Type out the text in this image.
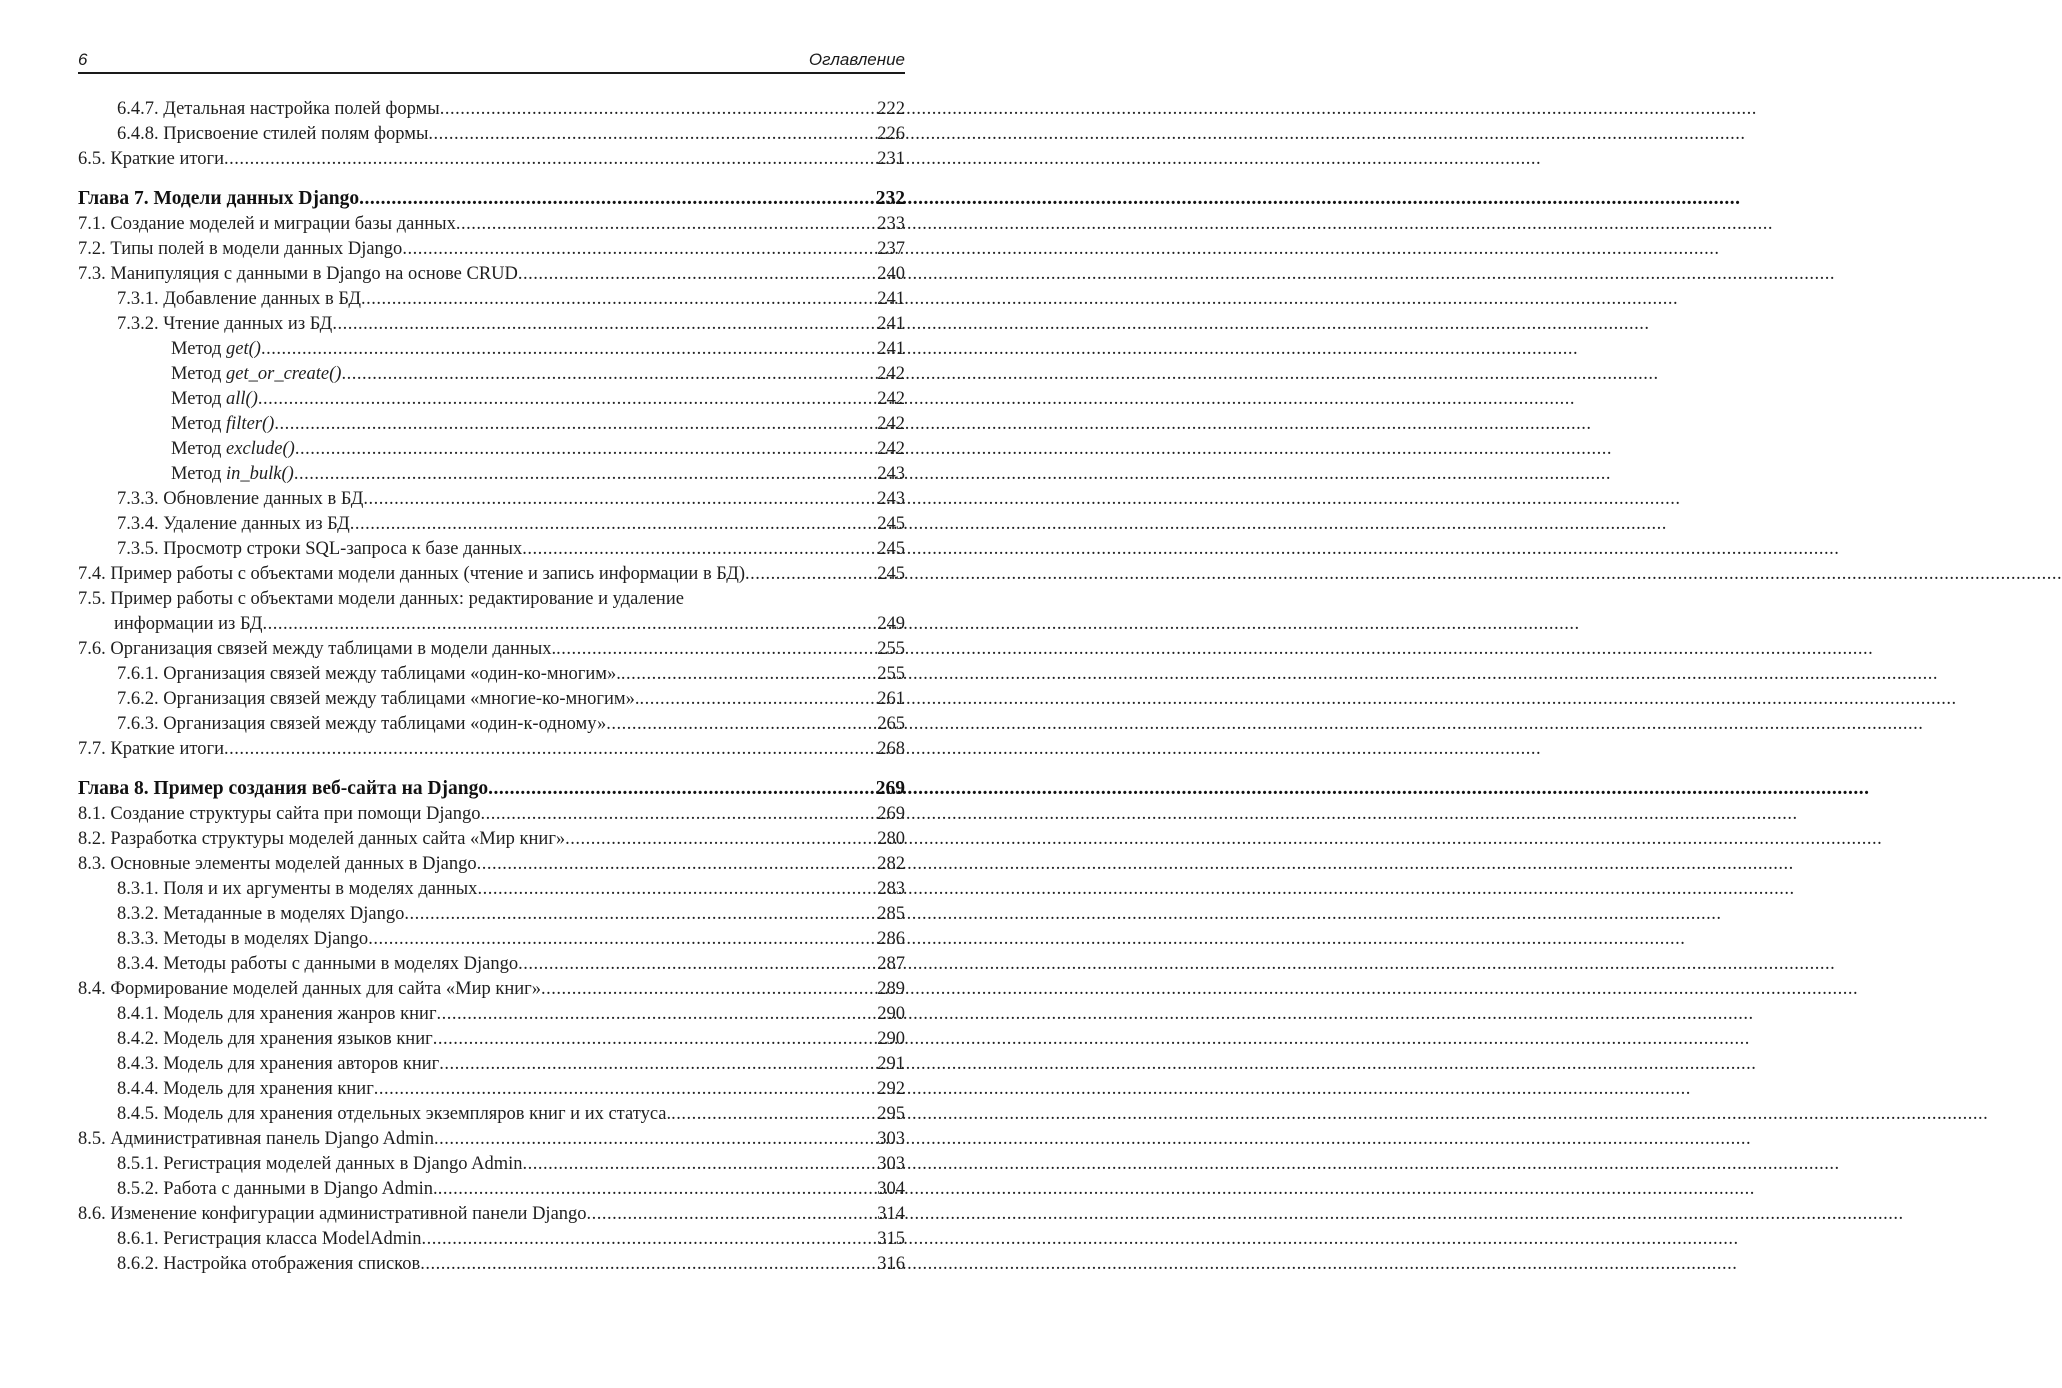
6	Оглавление
6.4.7. Детальная настройка полей формы .....	222
6.4.8. Присвоение стилей полям формы .....	226
6.5. Краткие итоги .....	231
Глава 7. Модели данных Django .....	232
7.1. Создание моделей и миграции базы данных .....	233
7.2. Типы полей в модели данных Django .....	237
7.3. Манипуляция с данными в Django на основе CRUD .....	240
7.3.1. Добавление данных в БД .....	241
7.3.2. Чтение данных из БД .....	241
Метод get() .....	241
Метод get_or_create() .....	242
Метод all() .....	242
Метод filter() .....	242
Метод exclude() .....	242
Метод in_bulk() .....	243
7.3.3. Обновление данных в БД .....	243
7.3.4. Удаление данных из БД .....	245
7.3.5. Просмотр строки SQL-запроса к базе данных .....	245
7.4. Пример работы с объектами модели данных (чтение и запись информации в БД) .....	245
7.5. Пример работы с объектами модели данных: редактирование и удаление
информации из БД .....	249
7.6. Организация связей между таблицами в модели данных. .....	255
7.6.1. Организация связей между таблицами «один-ко-многим». .....	255
7.6.2. Организация связей между таблицами «многие-ко-многим». .....	261
7.6.3. Организация связей между таблицами «один-к-одному» .....	265
7.7. Краткие итоги .....	268
Глава 8. Пример создания веб-сайта на Django .....	269
8.1. Создание структуры сайта при помощи Django .....	269
8.2. Разработка структуры моделей данных сайта «Мир книг» .....	280
8.3. Основные элементы моделей данных в Django .....	282
8.3.1. Поля и их аргументы в моделях данных .....	283
8.3.2. Метаданные в моделях Django .....	285
8.3.3. Методы в моделях Django .....	286
8.3.4. Методы работы с данными в моделях Django .....	287
8.4. Формирование моделей данных для сайта «Мир книг» .....	289
8.4.1. Модель для хранения жанров книг .....	290
8.4.2. Модель для хранения языков книг .....	290
8.4.3. Модель для хранения авторов книг .....	291
8.4.4. Модель для хранения книг .....	292
8.4.5. Модель для хранения отдельных экземпляров книг и их статуса. .....	295
8.5. Административная панель Django Admin .....	303
8.5.1. Регистрация моделей данных в Django Admin .....	303
8.5.2. Работа с данными в Django Admin. .....	304
8.6. Изменение конфигурации административной панели Django .....	314
8.6.1. Регистрация класса ModelAdmin .....	315
8.6.2. Настройка отображения списков .....	316
